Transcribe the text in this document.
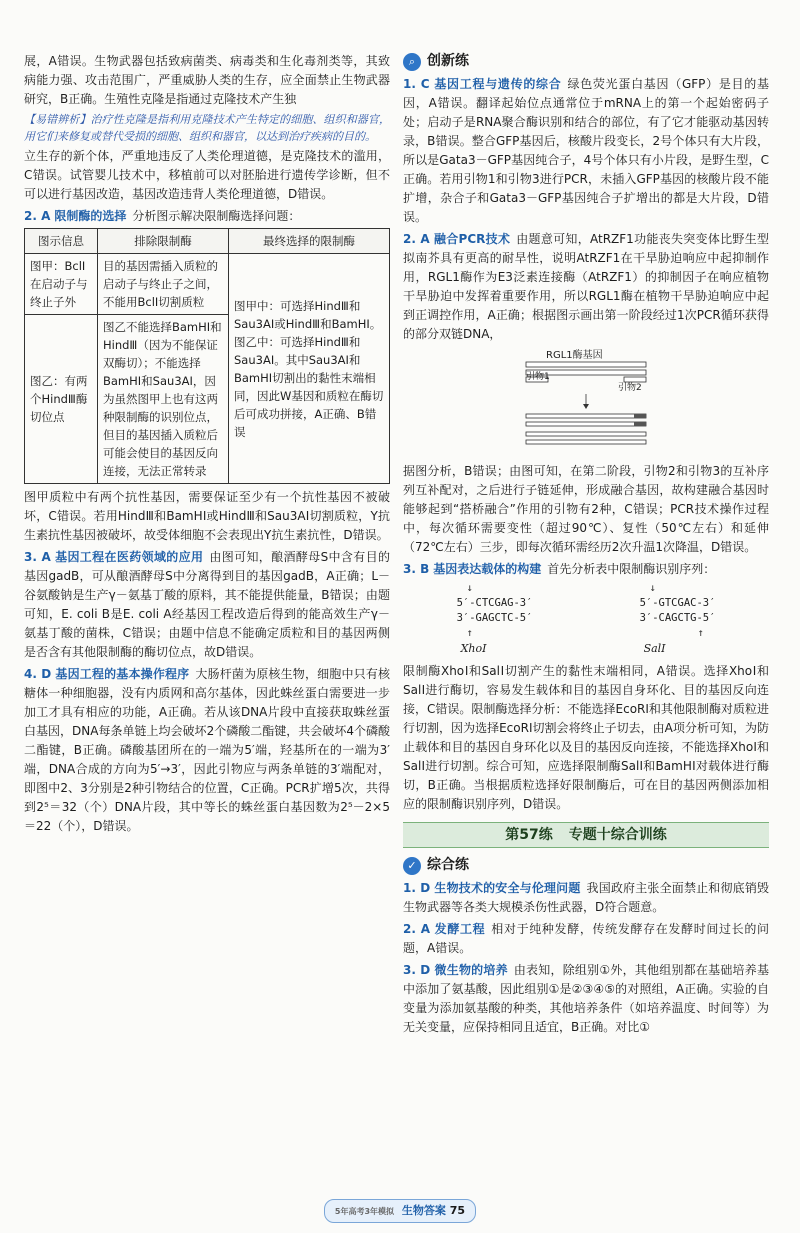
展，A错误。生物武器包括致病菌类、病毒类和生化毒剂类等，其致病能力强、攻击范围广，严重威胁人类的生存，应全面禁止生物武器研究，B正确。生殖性克隆是指通过克隆技术产生独

【易错辨析】治疗性克隆是指利用克隆技术产生特定的细胞、组织和器官，用它们来修复或替代受损的细胞、组织和器官，以达到治疗疾病的目的。

立生存的新个体，严重地违反了人类伦理道德，是克隆技术的滥用，C错误。试管婴儿技术中，移植前可以对胚胎进行遗传学诊断，但不可以进行基因改造，基因改造违背人类伦理道德，D错误。

2. A 限制酶的选择 分析图示解决限制酶选择问题：

图示信息	排除限制酶	最终选择的限制酶
图甲：BclⅠ在启动子与终止子外	目的基因需插入质粒的启动子与终止子之间，不能用BclⅠ切割质粒	图甲中：可选择HindⅢ和Sau3AⅠ或HindⅢ和BamHⅠ。图乙中：可选择HindⅢ和Sau3AⅠ。其中Sau3AⅠ和BamHⅠ切割出的黏性末端相同，因此W基因和质粒在酶切后可成功拼接，A正确、B错误
图乙：有两个HindⅢ酶切位点	图乙不能选择BamHⅠ和HindⅢ（因为不能保证双酶切）；不能选择BamHⅠ和Sau3AⅠ，因为虽然图甲上也有这两种限制酶的识别位点，但目的基因插入质粒后可能会使目的基因反向连接，无法正常转录	

图甲质粒中有两个抗性基因，需要保证至少有一个抗性基因不被破坏，C错误。若用HindⅢ和BamHⅠ或HindⅢ和Sau3AⅠ切割质粒，Y抗生素抗性基因被破坏，故受体细胞不会表现出Y抗生素抗性，D错误。

3. A 基因工程在医药领域的应用 由图可知，酿酒酵母S中含有目的基因gadB，可从酿酒酵母S中分离得到目的基因gadB，A正确；L－谷氨酸钠是生产γ－氨基丁酸的原料，其不能提供能量，B错误；由题可知，E. coli B是E. coli A经基因工程改造后得到的能高效生产γ－氨基丁酸的菌株，C错误；由题中信息不能确定质粒和目的基因两侧是否含有其他限制酶的酶切位点，故D错误。

4. D 基因工程的基本操作程序 大肠杆菌为原核生物，细胞中只有核糖体一种细胞器，没有内质网和高尔基体，因此蛛丝蛋白需要进一步加工才具有相应的功能，A正确。若从该DNA片段中直接获取蛛丝蛋白基因，DNA每条单链上均会破坏2个磷酸二酯键，共会破坏4个磷酸二酯键，B正确。磷酸基团所在的一端为5′端，羟基所在的一端为3′端，DNA合成的方向为5′→3′，因此引物应与两条单链的3′端配对，即图中2、3分别是2种引物结合的位置，C正确。PCR扩增5次，共得到2⁵＝32（个）DNA片段，其中等长的蛛丝蛋白基因数为2⁵－2×5＝22（个），D错误。

⌕ 创新练

1. C 基因工程与遗传的综合 绿色荧光蛋白基因（GFP）是目的基因，A错误。翻译起始位点通常位于mRNA上的第一个起始密码子处；启动子是RNA聚合酶识别和结合的部位，有了它才能驱动基因转录，B错误。整合GFP基因后，核酸片段变长，2号个体只有大片段，所以是Gata3－GFP基因纯合子，4号个体只有小片段，是野生型，C正确。若用引物1和引物3进行PCR，未插入GFP基因的核酸片段不能扩增，杂合子和Gata3－GFP基因纯合子扩增出的都是大片段，D错误。

2. A 融合PCR技术 由题意可知，AtRZF1功能丧失突变体比野生型拟南芥具有更高的耐旱性，说明AtRZF1在干旱胁迫响应中起抑制作用，RGL1酶作为E3泛素连接酶（AtRZF1）的抑制因子在响应植物干旱胁迫中发挥着重要作用，所以RGL1酶在植物干旱胁迫响应中起到正调控作用，A正确；根据图示画出第一阶段经过1次PCR循环获得的部分双链DNA，

RGL1酶基因
引物1
引物2

据图分析，B错误；由图可知，在第二阶段，引物2和引物3的互补序列互补配对，之后进行子链延伸，形成融合基因，故构建融合基因时能够起到“搭桥融合”作用的引物有2种，C错误；PCR技术操作过程中，每次循环需要变性（超过90℃）、复性（50℃左右）和延伸（72℃左右）三步，即每次循环需经历2次升温1次降温，D错误。

3. B 基因表达载体的构建 首先分析表中限制酶识别序列：

↓
5′-CTCGAG-3′
3′-GAGCTC-5′
↑
XhoⅠ
↓
5′-GTCGAC-3′
3′-CAGCTG-5′
↑
SalⅠ

限制酶XhoⅠ和SalⅠ切割产生的黏性末端相同，A错误。选择XhoⅠ和SalⅠ进行酶切，容易发生载体和目的基因自身环化、目的基因反向连接，C错误。限制酶选择分析：不能选择EcoRⅠ和其他限制酶对质粒进行切割，因为选择EcoRⅠ切割会将终止子切去，由A项分析可知，为防止载体和目的基因自身环化以及目的基因反向连接，不能选择XhoⅠ和SalⅠ进行切割。综合可知，应选择限制酶SalⅠ和BamHⅠ对载体进行酶切，B正确。当根据质粒选择好限制酶后，可在目的基因两侧添加相应的限制酶识别序列，D错误。

第57练 专题十综合训练
✓ 综合练

1. D 生物技术的安全与伦理问题 我国政府主张全面禁止和彻底销毁生物武器等各类大规模杀伤性武器，D符合题意。

2. A 发酵工程 相对于纯种发酵，传统发酵存在发酵时间过长的问题，A错误。

3. D 微生物的培养 由表知，除组别①外，其他组别都在基础培养基中添加了氨基酸，因此组别①是②③④⑤的对照组，A正确。实验的自变量为添加氨基酸的种类，其他培养条件（如培养温度、时间等）为无关变量，应保持相同且适宜，B正确。对比①

5年高考3年模拟 生物答案 75
